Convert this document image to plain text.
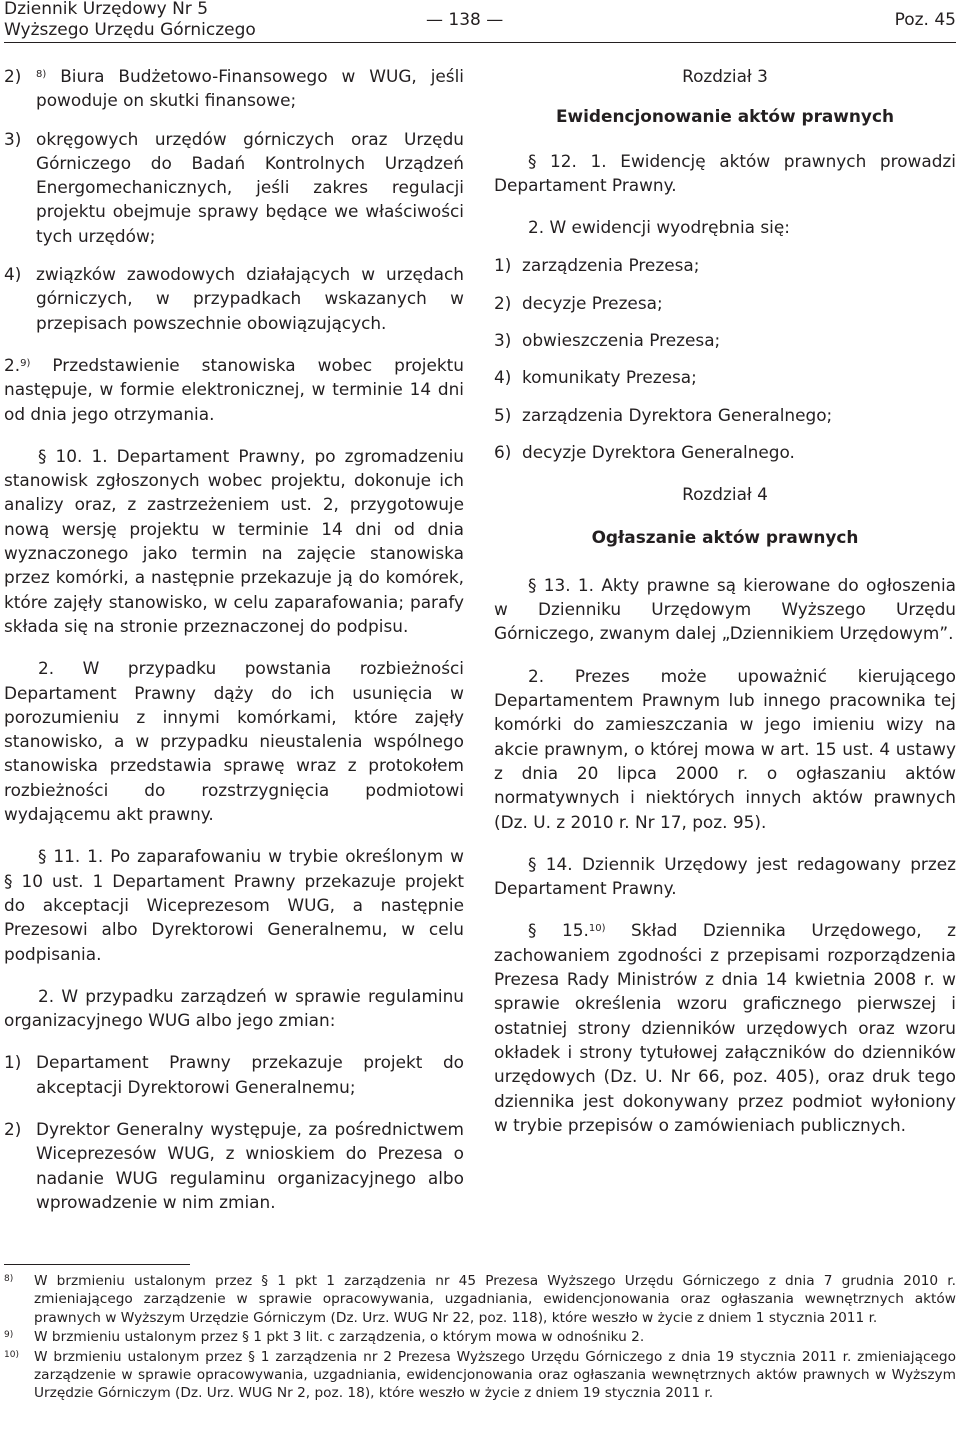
Dziennik Urzędowy Nr 5
Wyższego Urzędu Górniczego	— 138 —	Poz. 45
2)	$^{8)}$ Biura Budżetowo-Finansowego w WUG, jeśli powoduje on skutki finansowe;
3) okręgowych urzędów górniczych oraz Urzędu Górniczego do Badań Kontrolnych Urządzeń Energomechanicznych, jeśli zakres regulacji projektu obejmuje sprawy będące we właściwości tych urzędów;
4) związków zawodowych działających w urzędach górniczych, w przypadkach wskazanych w przepisach powszechnie obowiązujących.

2.$^{9)}$ Przedstawienie stanowiska wobec projektu następuje, w formie elektronicznej, w terminie 14 dni od dnia jego otrzymania.

§ 10. 1. Departament Prawny, po zgromadzeniu stanowisk zgłoszonych wobec projektu, dokonuje ich analizy oraz, z zastrzeżeniem ust. 2, przygotowuje nową wersję projektu w terminie 14 dni od dnia wyznaczonego jako termin na zajęcie stanowiska przez komórki, a następnie przekazuje ją do komórek, które zajęły stanowisko, w celu zaparafowania; parafy składa się na stronie przeznaczonej do podpisu.

2. W przypadku powstania rozbieżności Departament Prawny dąży do ich usunięcia w porozumieniu z innymi komórkami, które zajęły stanowisko, a w przypadku nieustalenia wspólnego stanowiska przedstawia sprawę wraz z protokołem rozbieżności do rozstrzygnięcia podmiotowi wydającemu akt prawny.

§ 11. 1. Po zaparafowaniu w trybie określonym w § 10 ust. 1 Departament Prawny przekazuje projekt do akceptacji Wiceprezesom WUG, a następnie Prezesowi albo Dyrektorowi Generalnemu, w celu podpisania.

2. W przypadku zarządzeń w sprawie regulaminu organizacyjnego WUG albo jego zmian:

1) Departament Prawny przekazuje projekt do akceptacji Dyrektorowi Generalnemu;
2) Dyrektor Generalny występuje, za pośrednictwem Wiceprezesów WUG, z wnioskiem do Prezesa o nadanie WUG regulaminu organizacyjnego albo wprowadzenie w nim zmian.
Rozdział 3
Ewidencjonowanie aktów prawnych

§ 12. 1. Ewidencję aktów prawnych prowadzi Departament Prawny.

2. W ewidencji wyodrębnia się:

1) zarządzenia Prezesa;
2) decyzje Prezesa;
3) obwieszczenia Prezesa;
4) komunikaty Prezesa;
5) zarządzenia Dyrektora Generalnego;
6) decyzje Dyrektora Generalnego.
Rozdział 4
Ogłaszanie aktów prawnych

§ 13. 1. Akty prawne są kierowane do ogłoszenia w Dzienniku Urzędowym Wyższego Urzędu Górniczego, zwanym dalej „Dziennikiem Urzędowym”.

2. Prezes może upoważnić kierującego Departamentem Prawnym lub innego pracownika tej komórki do zamieszczania w jego imieniu wizy na akcie prawnym, o której mowa w art. 15 ust. 4 ustawy z dnia 20 lipca 2000 r. o ogłaszaniu aktów normatywnych i niektórych innych aktów prawnych (Dz. U. z 2010 r. Nr 17, poz. 95).

§ 14. Dziennik Urzędowy jest redagowany przez Departament Prawny.

§ 15.$^{10)}$ Skład Dziennika Urzędowego, z zachowaniem zgodności z przepisami rozporządzenia Prezesa Rady Ministrów z dnia 14 kwietnia 2008 r. w sprawie określenia wzoru graficznego pierwszej i ostatniej strony dzienników urzędowych oraz wzoru okładek i strony tytułowej załączników do dzienników urzędowych (Dz. U. Nr 66, poz. 405), oraz druk tego dziennika jest dokonywany przez podmiot wyłoniony w trybie przepisów o zamówieniach publicznych.

$^{8)}$	W brzmieniu ustalonym przez § 1 pkt 1 zarządzenia nr 45 Prezesa Wyższego Urzędu Górniczego z dnia 7 grudnia 2010 r. zmieniającego zarządzenie w sprawie opracowywania, uzgadniania, ewidencjonowania oraz ogłaszania wewnętrznych aktów prawnych w Wyższym Urzędzie Górniczym (Dz. Urz. WUG Nr 22, poz. 118), które weszło w życie z dniem 1 stycznia 2011 r.
$^{9)}$	W brzmieniu ustalonym przez § 1 pkt 3 lit. c zarządzenia, o którym mowa w odnośniku 2.
$^{10)}$	W brzmieniu ustalonym przez § 1 zarządzenia nr 2 Prezesa Wyższego Urzędu Górniczego z dnia 19 stycznia 2011 r. zmieniającego zarządzenie w sprawie opracowywania, uzgadniania, ewidencjonowania oraz ogłaszania wewnętrznych aktów prawnych w Wyższym Urzędzie Górniczym (Dz. Urz. WUG Nr 2, poz. 18), które weszło w życie z dniem 19 stycznia 2011 r.
